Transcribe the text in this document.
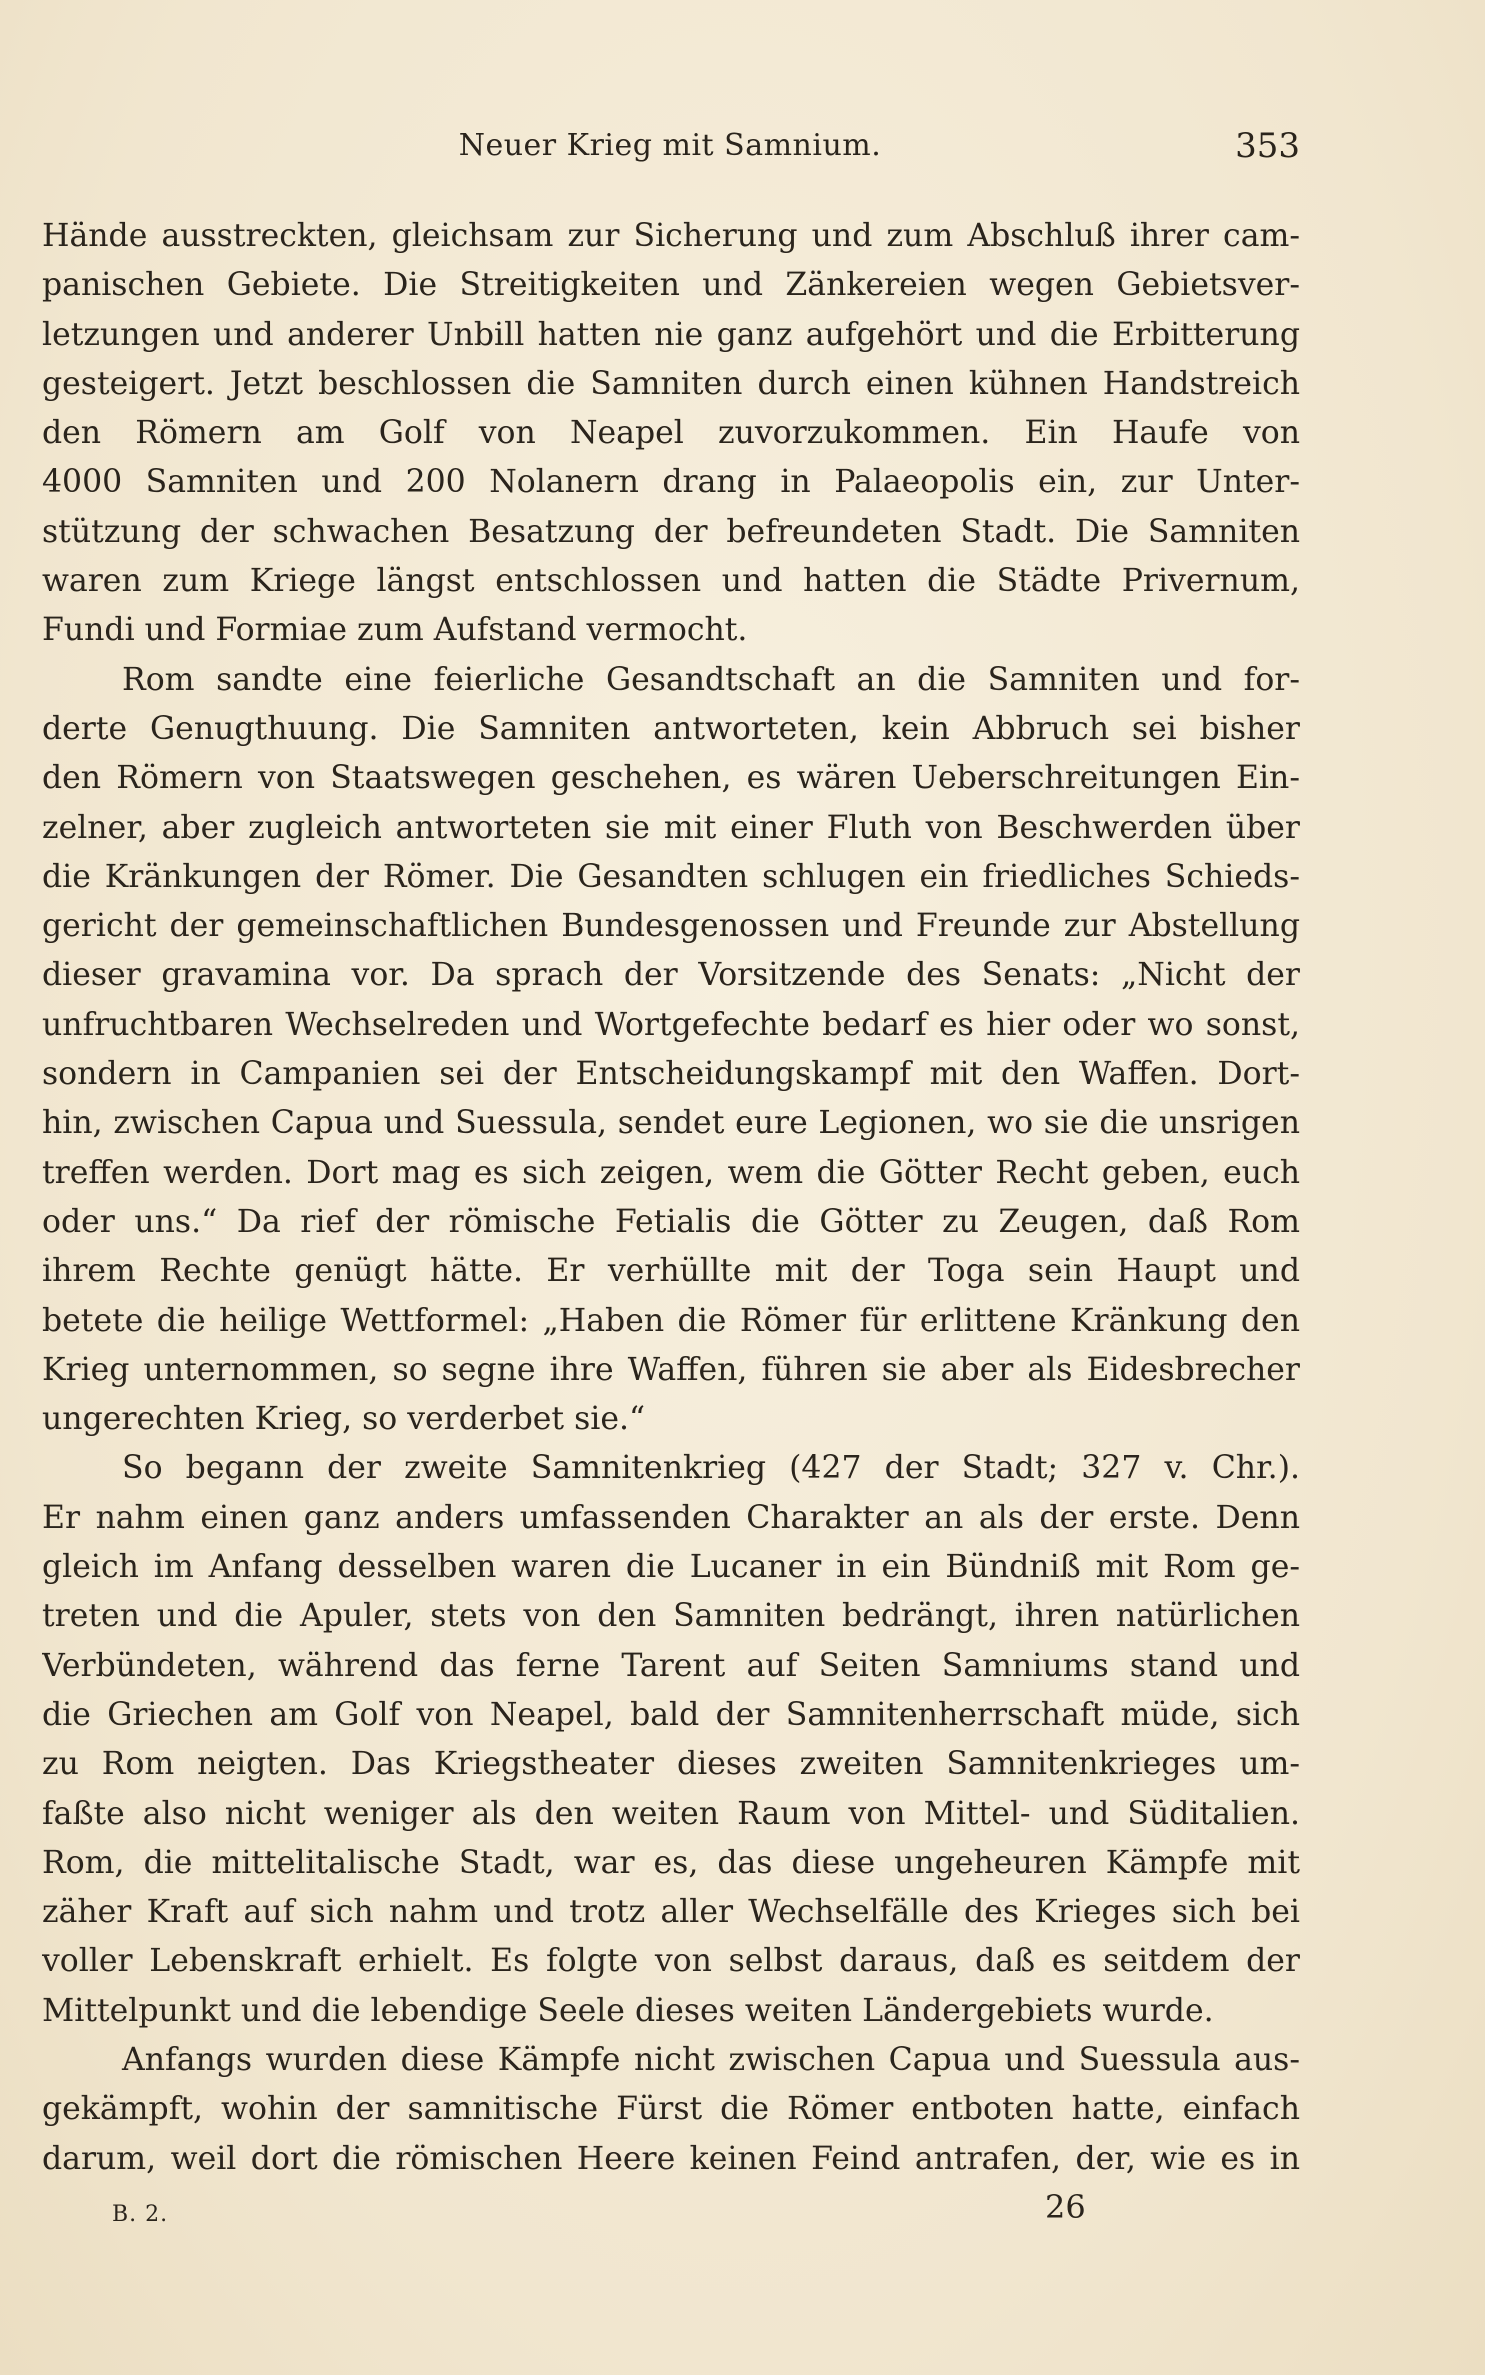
Neuer Krieg mit Samnium.	353
Hände ausstreckten, gleichsam zur Sicherung und zum Abschluß ihrer cam-
panischen Gebiete. Die Streitigkeiten und Zänkereien wegen Gebietsver-
letzungen und anderer Unbill hatten nie ganz aufgehört und die Erbitterung
gesteigert. Jetzt beschlossen die Samniten durch einen kühnen Handstreich
den Römern am Golf von Neapel zuvorzukommen. Ein Haufe von
4000 Samniten und 200 Nolanern drang in Palaeopolis ein, zur Unter-
stützung der schwachen Besatzung der befreundeten Stadt. Die Samniten
waren zum Kriege längst entschlossen und hatten die Städte Privernum,
Fundi und Formiae zum Aufstand vermocht.
Rom sandte eine feierliche Gesandtschaft an die Samniten und for-
derte Genugthuung. Die Samniten antworteten, kein Abbruch sei bisher
den Römern von Staatswegen geschehen, es wären Ueberschreitungen Ein-
zelner, aber zugleich antworteten sie mit einer Fluth von Beschwerden über
die Kränkungen der Römer. Die Gesandten schlugen ein friedliches Schieds-
gericht der gemeinschaftlichen Bundesgenossen und Freunde zur Abstellung
dieser gravamina vor. Da sprach der Vorsitzende des Senats: „Nicht der
unfruchtbaren Wechselreden und Wortgefechte bedarf es hier oder wo sonst,
sondern in Campanien sei der Entscheidungskampf mit den Waffen. Dort-
hin, zwischen Capua und Suessula, sendet eure Legionen, wo sie die unsrigen
treffen werden. Dort mag es sich zeigen, wem die Götter Recht geben, euch
oder uns.“ Da rief der römische Fetialis die Götter zu Zeugen, daß Rom
ihrem Rechte genügt hätte. Er verhüllte mit der Toga sein Haupt und
betete die heilige Wettformel: „Haben die Römer für erlittene Kränkung den
Krieg unternommen, so segne ihre Waffen, führen sie aber als Eidesbrecher
ungerechten Krieg, so verderbet sie.“
So begann der zweite Samnitenkrieg (427 der Stadt; 327 v. Chr.).
Er nahm einen ganz anders umfassenden Charakter an als der erste. Denn
gleich im Anfang desselben waren die Lucaner in ein Bündniß mit Rom ge-
treten und die Apuler, stets von den Samniten bedrängt, ihren natürlichen
Verbündeten, während das ferne Tarent auf Seiten Samniums stand und
die Griechen am Golf von Neapel, bald der Samnitenherrschaft müde, sich
zu Rom neigten. Das Kriegstheater dieses zweiten Samnitenkrieges um-
faßte also nicht weniger als den weiten Raum von Mittel- und Süditalien.
Rom, die mittelitalische Stadt, war es, das diese ungeheuren Kämpfe mit
zäher Kraft auf sich nahm und trotz aller Wechselfälle des Krieges sich bei
voller Lebenskraft erhielt. Es folgte von selbst daraus, daß es seitdem der
Mittelpunkt und die lebendige Seele dieses weiten Ländergebiets wurde.
Anfangs wurden diese Kämpfe nicht zwischen Capua und Suessula aus-
gekämpft, wohin der samnitische Fürst die Römer entboten hatte, einfach
darum, weil dort die römischen Heere keinen Feind antrafen, der, wie es in
B. 2.	26
